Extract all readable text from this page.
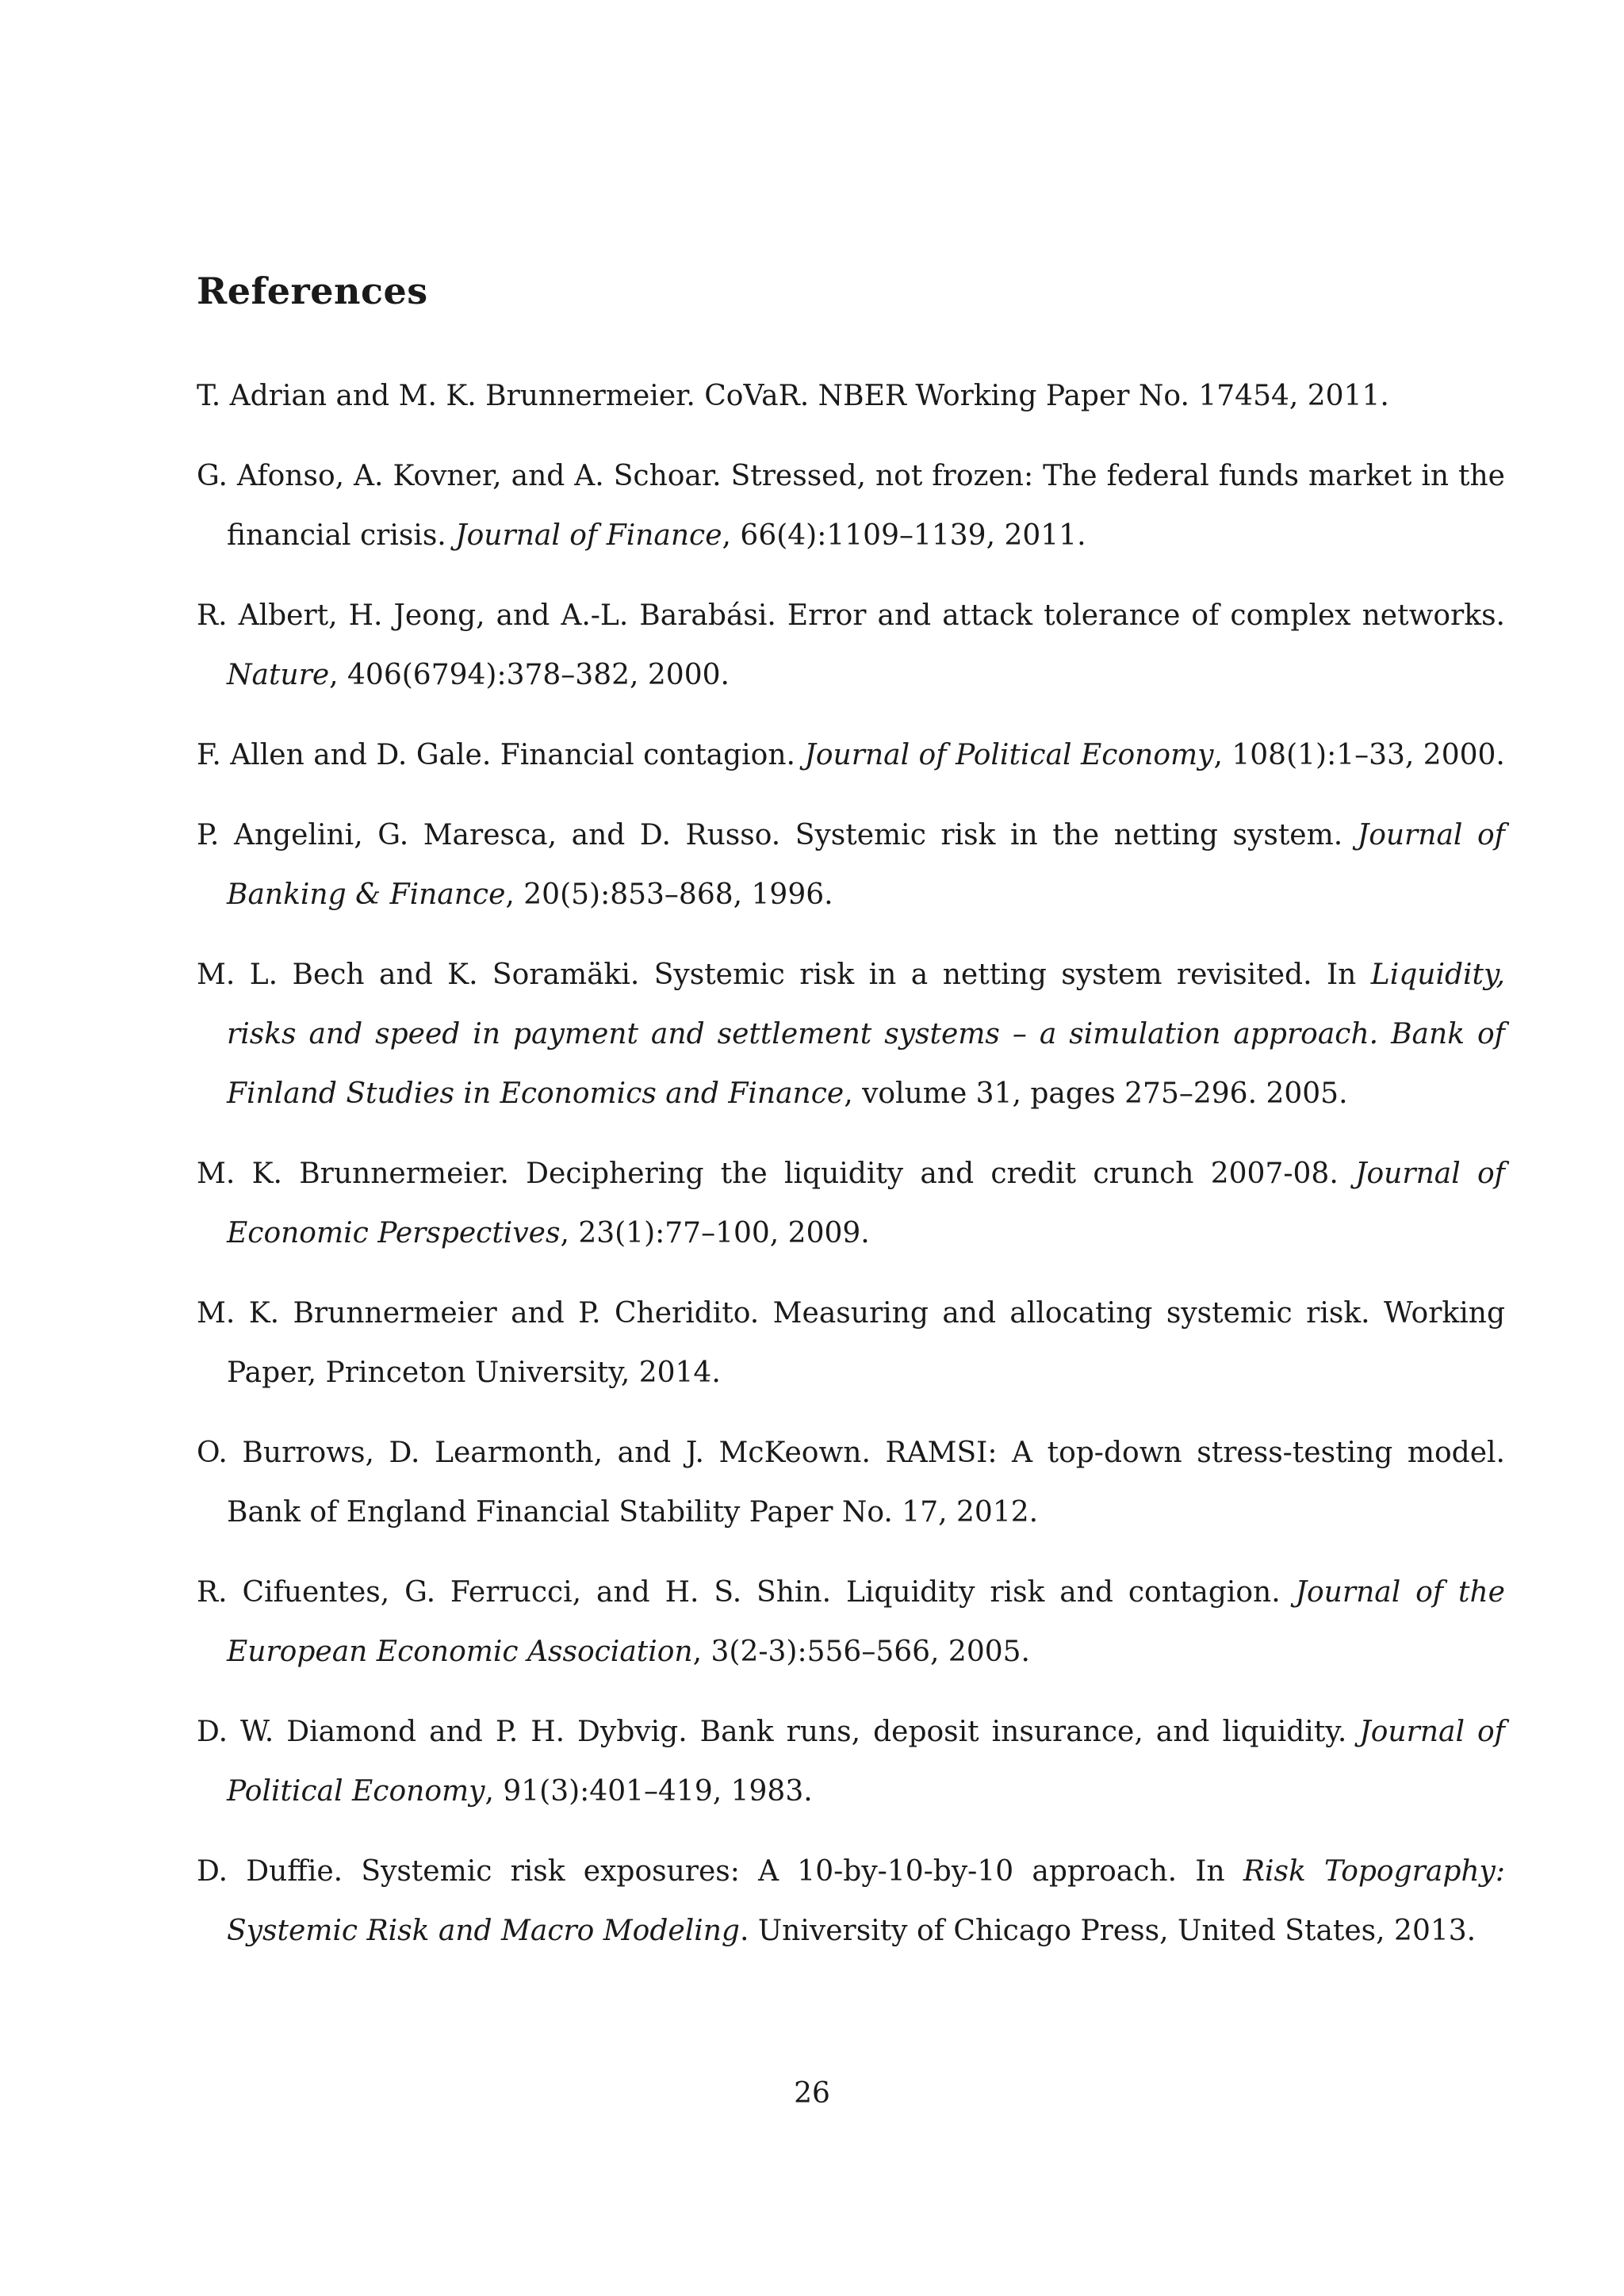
References
T. Adrian and M. K. Brunnermeier. CoVaR. NBER Working Paper No. 17454, 2011.
G. Afonso, A. Kovner, and A. Schoar. Stressed, not frozen: The federal funds market in the financial crisis. Journal of Finance, 66(4):1109–1139, 2011.
R. Albert, H. Jeong, and A.-L. Barabási. Error and attack tolerance of complex networks. Nature, 406(6794):378–382, 2000.
F. Allen and D. Gale. Financial contagion. Journal of Political Economy, 108(1):1–33, 2000.
P. Angelini, G. Maresca, and D. Russo. Systemic risk in the netting system. Journal of Banking & Finance, 20(5):853–868, 1996.
M. L. Bech and K. Soramäki. Systemic risk in a netting system revisited. In Liquidity, risks and speed in payment and settlement systems – a simulation approach. Bank of Finland Studies in Economics and Finance, volume 31, pages 275–296. 2005.
M. K. Brunnermeier. Deciphering the liquidity and credit crunch 2007-08. Journal of Economic Perspectives, 23(1):77–100, 2009.
M. K. Brunnermeier and P. Cheridito. Measuring and allocating systemic risk. Working Paper, Princeton University, 2014.
O. Burrows, D. Learmonth, and J. McKeown. RAMSI: A top-down stress-testing model. Bank of England Financial Stability Paper No. 17, 2012.
R. Cifuentes, G. Ferrucci, and H. S. Shin. Liquidity risk and contagion. Journal of the European Economic Association, 3(2-3):556–566, 2005.
D. W. Diamond and P. H. Dybvig. Bank runs, deposit insurance, and liquidity. Journal of Political Economy, 91(3):401–419, 1983.
D. Duffie. Systemic risk exposures: A 10-by-10-by-10 approach. In Risk Topography: Systemic Risk and Macro Modeling. University of Chicago Press, United States, 2013.
26
